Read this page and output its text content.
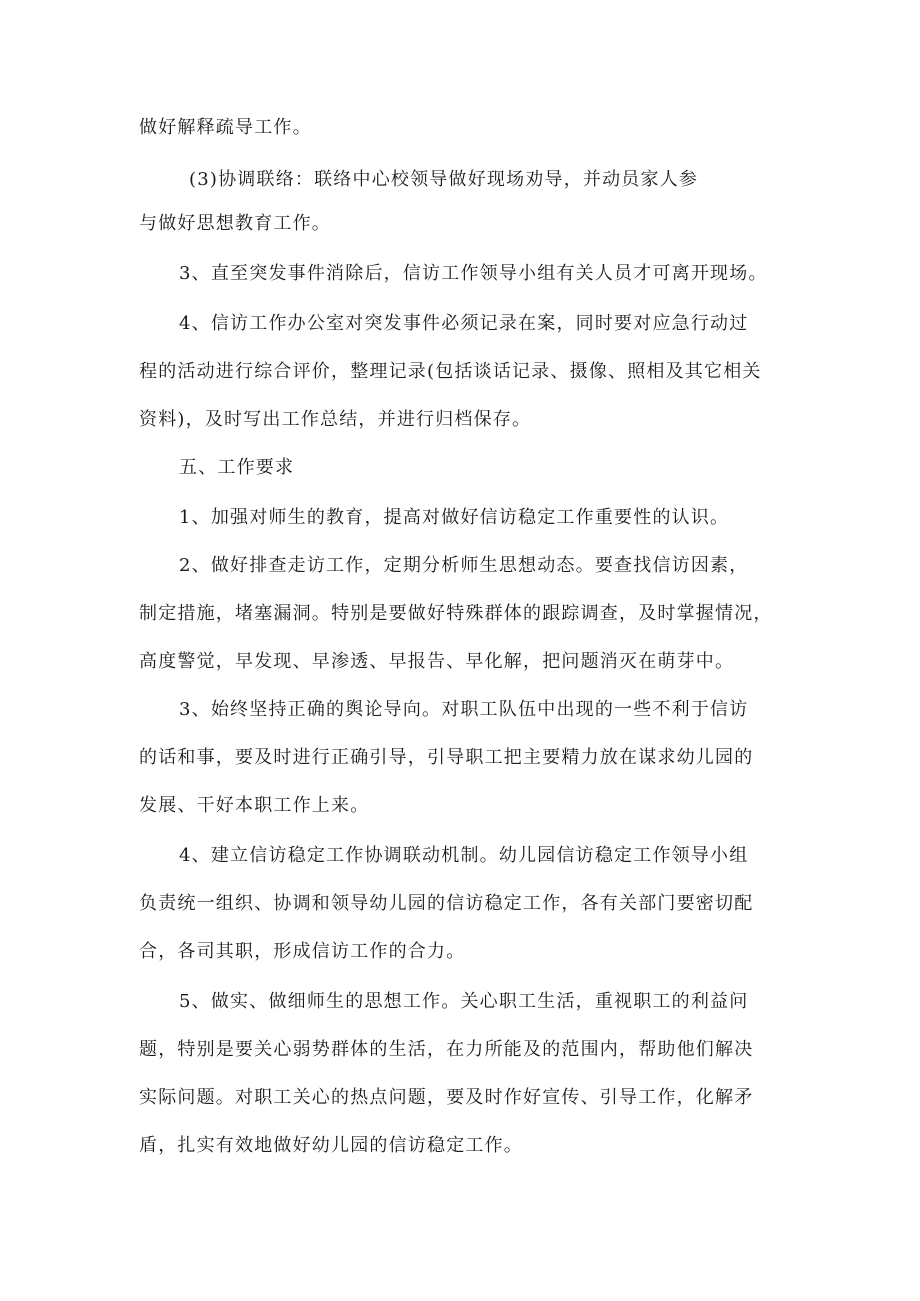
做好解释疏导工作。
(3)协调联络：联络中心校领导做好现场劝导，并动员家人参
与做好思想教育工作。
3、直至突发事件消除后，信访工作领导小组有关人员才可离开现场。
4、信访工作办公室对突发事件必须记录在案，同时要对应急行动过
程的活动进行综合评价，整理记录(包括谈话记录、摄像、照相及其它相关
资料)，及时写出工作总结，并进行归档保存。
五、工作要求
1、加强对师生的教育，提高对做好信访稳定工作重要性的认识。
2、做好排查走访工作，定期分析师生思想动态。要查找信访因素，
制定措施，堵塞漏洞。特别是要做好特殊群体的跟踪调查，及时掌握情况，
高度警觉，早发现、早渗透、早报告、早化解，把问题消灭在萌芽中。
3、始终坚持正确的舆论导向。对职工队伍中出现的一些不利于信访
的话和事，要及时进行正确引导，引导职工把主要精力放在谋求幼儿园的
发展、干好本职工作上来。
4、建立信访稳定工作协调联动机制。幼儿园信访稳定工作领导小组
负责统一组织、协调和领导幼儿园的信访稳定工作，各有关部门要密切配
合，各司其职，形成信访工作的合力。
5、做实、做细师生的思想工作。关心职工生活，重视职工的利益问
题，特别是要关心弱势群体的生活，在力所能及的范围内，帮助他们解决
实际问题。对职工关心的热点问题，要及时作好宣传、引导工作，化解矛
盾，扎实有效地做好幼儿园的信访稳定工作。
